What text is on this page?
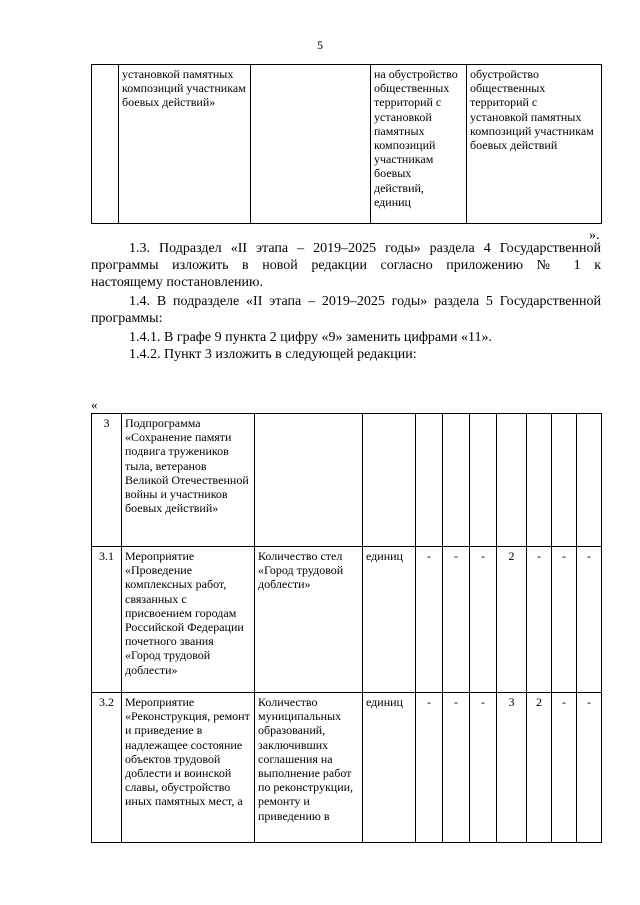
5
	установкой памятных композиций участникам боевых действий»		на обустройство общественных территорий с установкой памятных композиций участникам боевых действий, единиц	обустройство общественных территорий с установкой памятных композиций участникам боевых действий
».
1.3. Подраздел «II этапа – 2019–2025 годы» раздела 4 Государственной
программы изложить в новой редакции согласно приложению № 1 к
настоящему постановлению.
1.4. В подразделе «II этапа – 2019–2025 годы» раздела 5 Государственной
программы:
1.4.1. В графе 9 пункта 2 цифру «9» заменить цифрами «11».
1.4.2. Пункт 3 изложить в следующей редакции:
«
3	Подпрограмма «Сохранение памяти подвига тружеников тыла, ветеранов Великой Отечественной войны и участников боевых действий»									
3.1	Мероприятие «Проведение комплексных работ, связанных с присвоением городам Российской Федерации почетного звания «Город трудовой доблести»	Количество стел «Город трудовой доблести»	единиц	-	-	-	2	-	-	-
3.2	Мероприятие «Реконструкция, ремонт и приведение в надлежащее состояние объектов трудовой доблести и воинской славы, обустройство иных памятных мест, а	Количество муниципальных образований, заключивших соглашения на выполнение работ по реконструкции, ремонту и приведению в	единиц	-	-	-	3	2	-	-
